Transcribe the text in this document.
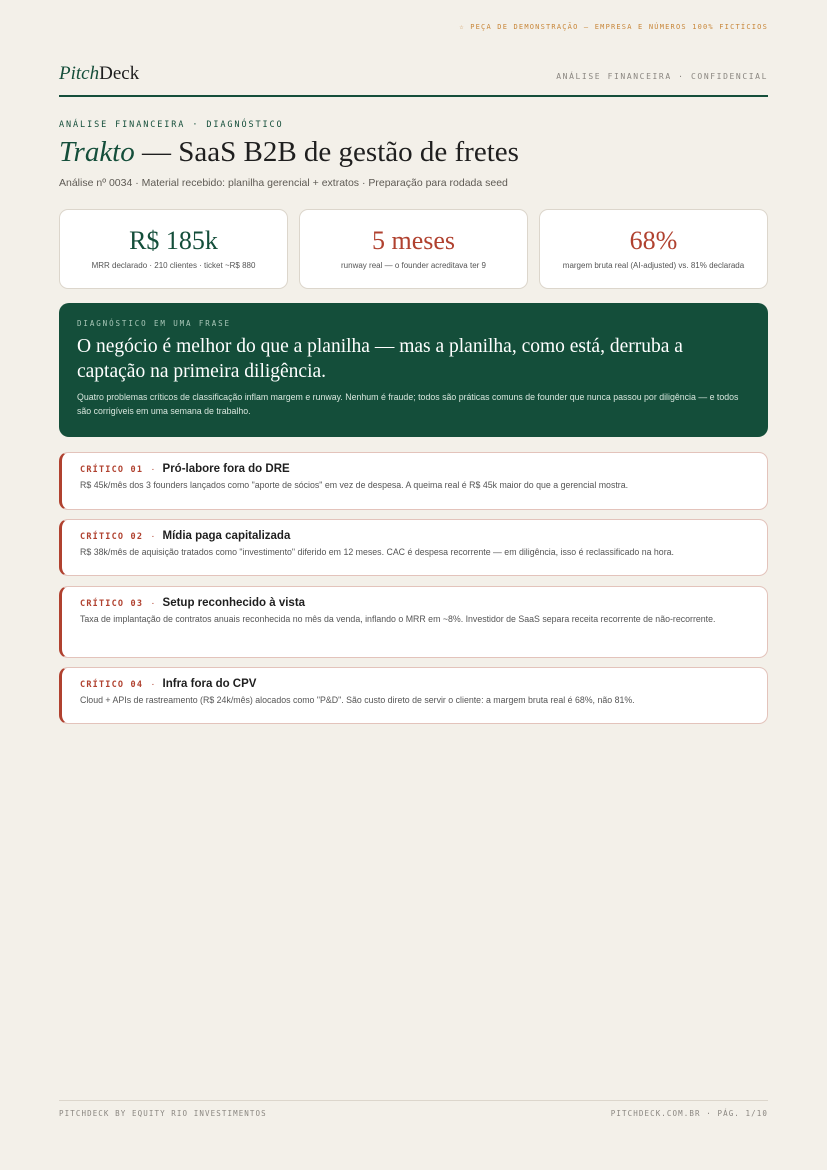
☆ PEÇA DE DEMONSTRAÇÃO — EMPRESA E NÚMEROS 100% FICTÍCIOS
PitchDeck	ANÁLISE FINANCEIRA · CONFIDENCIAL
ANÁLISE FINANCEIRA · DIAGNÓSTICO
Trakto — SaaS B2B de gestão de fretes
Análise nº 0034 · Material recebido: planilha gerencial + extratos · Preparação para rodada seed
R$ 185k
MRR declarado · 210 clientes · ticket ~R$ 880
5 meses
runway real — o founder acreditava ter 9
68%
margem bruta real (AI-adjusted) vs. 81% declarada
DIAGNÓSTICO EM UMA FRASE
O negócio é melhor do que a planilha — mas a planilha, como está, derruba a captação na primeira diligência.
Quatro problemas críticos de classificação inflam margem e runway. Nenhum é fraude; todos são práticas comuns de founder que nunca passou por diligência — e todos são corrigíveis em uma semana de trabalho.
CRÍTICO 01 · Pró-labore fora do DRE
R$ 45k/mês dos 3 founders lançados como "aporte de sócios" em vez de despesa. A queima real é R$ 45k maior do que a gerencial mostra.
CRÍTICO 02 · Mídia paga capitalizada
R$ 38k/mês de aquisição tratados como "investimento" diferido em 12 meses. CAC é despesa recorrente — em diligência, isso é reclassificado na hora.
CRÍTICO 03 · Setup reconhecido à vista
Taxa de implantação de contratos anuais reconhecida no mês da venda, inflando o MRR em ~8%. Investidor de SaaS separa receita recorrente de não-recorrente.
CRÍTICO 04 · Infra fora do CPV
Cloud + APIs de rastreamento (R$ 24k/mês) alocados como "P&D". São custo direto de servir o cliente: a margem bruta real é 68%, não 81%.
PITCHDECK BY EQUITY RIO INVESTIMENTOS	PITCHDECK.COM.BR · PÁG. 1/10
